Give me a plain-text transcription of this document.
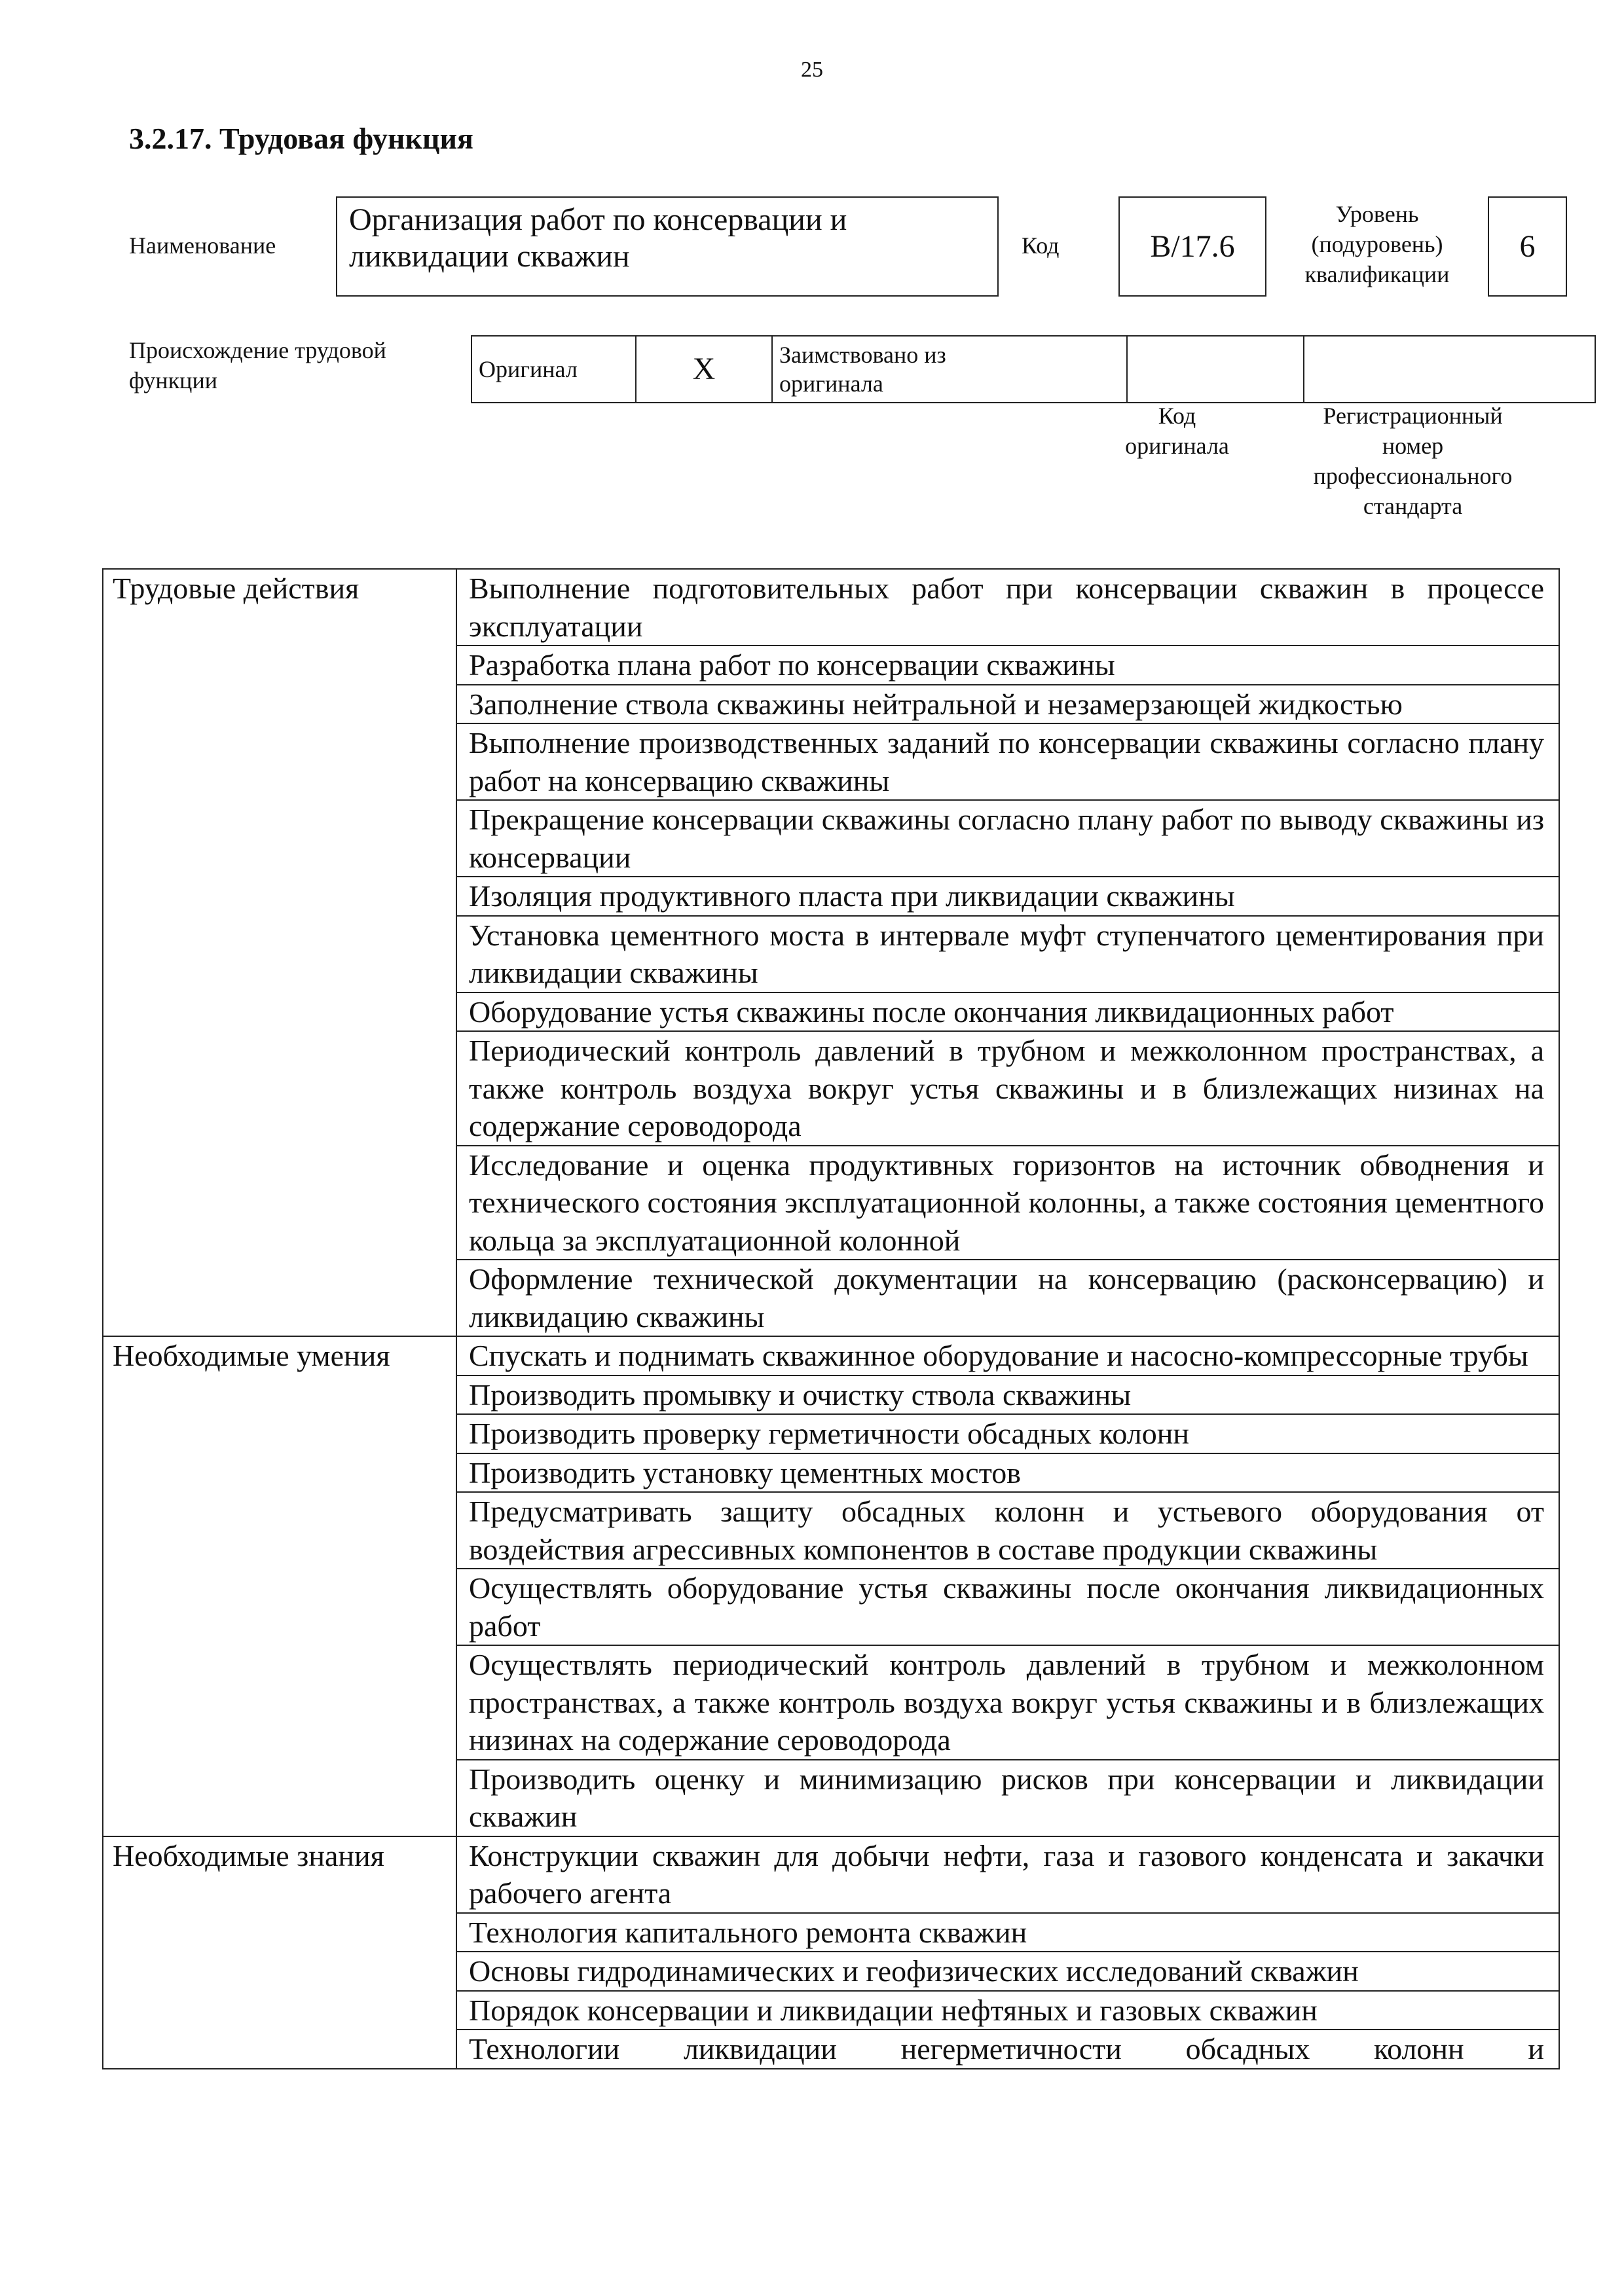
25
3.2.17. Трудовая функция
Наименование
Организация работ по консервации и ликвидации скважин	Код	B/17.6
Уровень
(подуровень)
квалификации
6
Происхождение трудовой
функции	Оригинал	X	Заимствовано из
оригинала

Код
оригинала
Регистрационный
номер
профессионального
стандарта
Трудовые действия	Выполнение подготовительных работ при консервации скважин в процессе эксплуатации
	Разработка плана работ по консервации скважины
	Заполнение ствола скважины нейтральной и незамерзающей жидкостью
	Выполнение производственных заданий по консервации скважины согласно плану работ на консервацию скважины
	Прекращение консервации скважины согласно плану работ по выводу скважины из консервации
	Изоляция продуктивного пласта при ликвидации скважины
	Установка цементного моста в интервале муфт ступенчатого цементирования при ликвидации скважины
	Оборудование устья скважины после окончания ликвидационных работ
	Периодический контроль давлений в трубном и межколонном пространствах, а также контроль воздуха вокруг устья скважины и в близлежащих низинах на содержание сероводорода
	Исследование и оценка продуктивных горизонтов на источник обводнения и технического состояния эксплуатационной колонны, а также состояния цементного кольца за эксплуатационной колонной
	Оформление технической документации на консервацию (расконсервацию) и ликвидацию скважины
Необходимые умения	Спускать и поднимать скважинное оборудование и насосно-компрессорные трубы
	Производить промывку и очистку ствола скважины
	Производить проверку герметичности обсадных колонн
	Производить установку цементных мостов
	Предусматривать защиту обсадных колонн и устьевого оборудования от воздействия агрессивных компонентов в составе продукции скважины
	Осуществлять оборудование устья скважины после окончания ликвидационных работ
	Осуществлять периодический контроль давлений в трубном и межколонном пространствах, а также контроль воздуха вокруг устья скважины и в близлежащих низинах на содержание сероводорода
	Производить оценку и минимизацию рисков при консервации и ликвидации скважин
Необходимые знания	Конструкции скважин для добычи нефти, газа и газового конденсата и закачки рабочего агента
	Технология капитального ремонта скважин
	Основы гидродинамических и геофизических исследований скважин
	Порядок консервации и ликвидации нефтяных и газовых скважин
	Технологии ликвидации негерметичности обсадных колонн и
